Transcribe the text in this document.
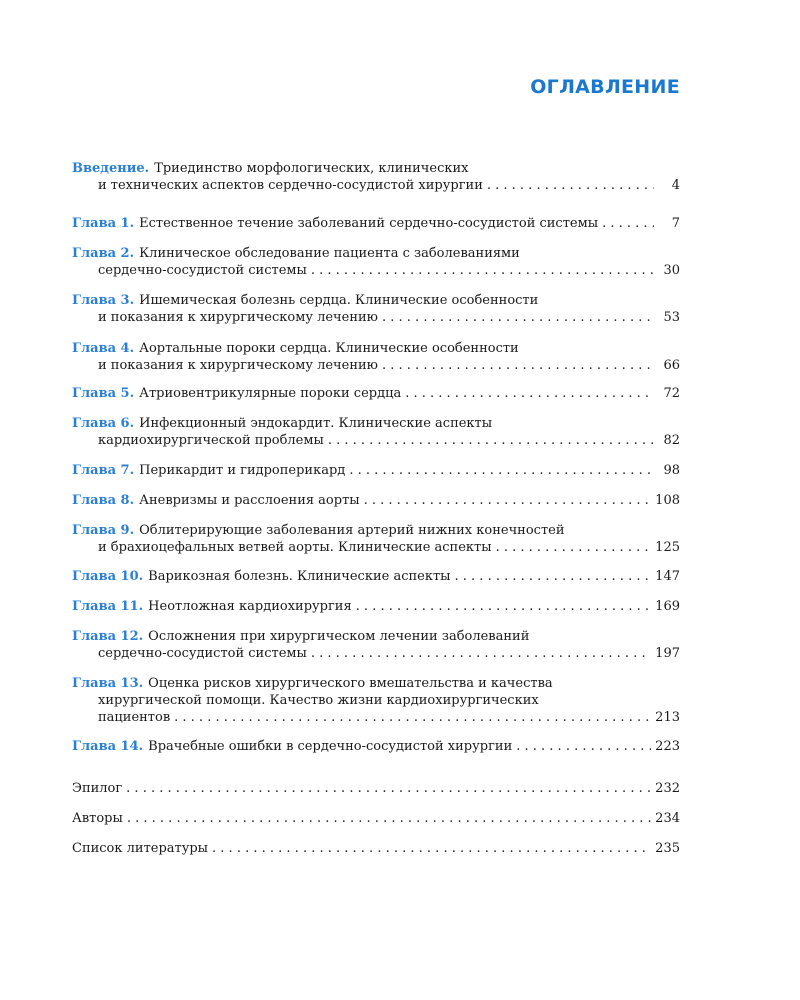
ОГЛАВЛЕНИЕ
Введение. Триединство морфологических, клинических
и технических аспектов сердечно-сосудистой хирургии . . .	4
Глава 1. Естественное течение заболеваний сердечно-сосудистой системы . . .	7
Глава 2. Клиническое обследование пациента с заболеваниями
сердечно-сосудистой системы . . .	30
Глава 3. Ишемическая болезнь сердца. Клинические особенности
и показания к хирургическому лечению . . .	53
Глава 4. Аортальные пороки сердца. Клинические особенности
и показания к хирургическому лечению . . .	66
Глава 5. Атриовентрикулярные пороки сердца . . .	72
Глава 6. Инфекционный эндокардит. Клинические аспекты
кардиохирургической проблемы . . .	82
Глава 7. Перикардит и гидроперикард . . .	98
Глава 8. Аневризмы и расслоения аорты . . .	108
Глава 9. Облитерирующие заболевания артерий нижних конечностей
и брахиоцефальных ветвей аорты. Клинические аспекты . . .	125
Глава 10. Варикозная болезнь. Клинические аспекты . . .	147
Глава 11. Неотложная кардиохирургия . . .	169
Глава 12. Осложнения при хирургическом лечении заболеваний
сердечно-сосудистой системы . . .	197
Глава 13. Оценка рисков хирургического вмешательства и качества
хирургической помощи. Качество жизни кардиохирургических
пациентов . . .	213
Глава 14. Врачебные ошибки в сердечно-сосудистой хирургии . . .	223
Эпилог . . .	232
Авторы . . .	234
Список литературы . . .	235
